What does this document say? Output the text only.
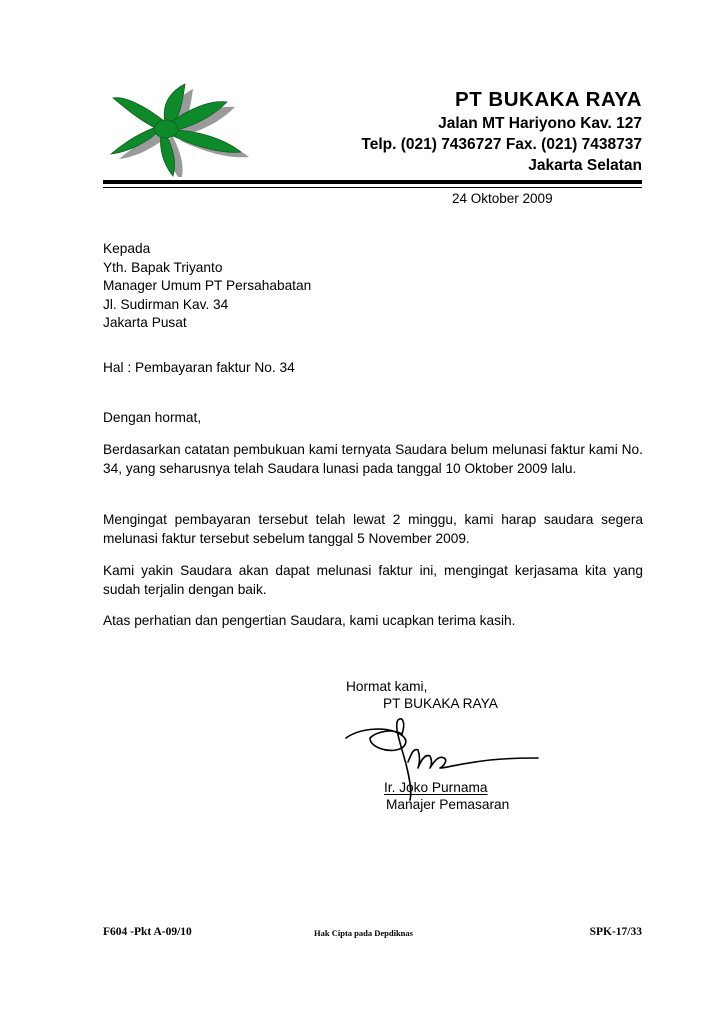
PT BUKAKA RAYA
Jalan MT Hariyono Kav. 127
Telp. (021) 7436727 Fax. (021) 7438737
Jakarta Selatan
24 Oktober 2009
Kepada
Yth. Bapak Triyanto
Manager Umum PT Persahabatan
Jl. Sudirman Kav. 34
Jakarta Pusat
Hal : Pembayaran faktur No. 34
Dengan hormat,
Berdasarkan catatan pembukuan kami ternyata Saudara belum melunasi faktur kami No. 34, yang seharusnya telah Saudara lunasi pada tanggal 10 Oktober 2009 lalu.
Mengingat pembayaran tersebut telah lewat 2 minggu, kami harap saudara segera melunasi faktur tersebut sebelum tanggal 5 November 2009.
Kami yakin Saudara akan dapat melunasi faktur ini, mengingat kerjasama kita yang sudah terjalin dengan baik.
Atas perhatian dan pengertian Saudara, kami ucapkan terima kasih.
Hormat kami,
PT BUKAKA RAYA
Ir. Joko Purnama
Manajer Pemasaran
F604 -Pkt A-09/10	Hak Cipta pada Depdiknas	SPK-17/33
